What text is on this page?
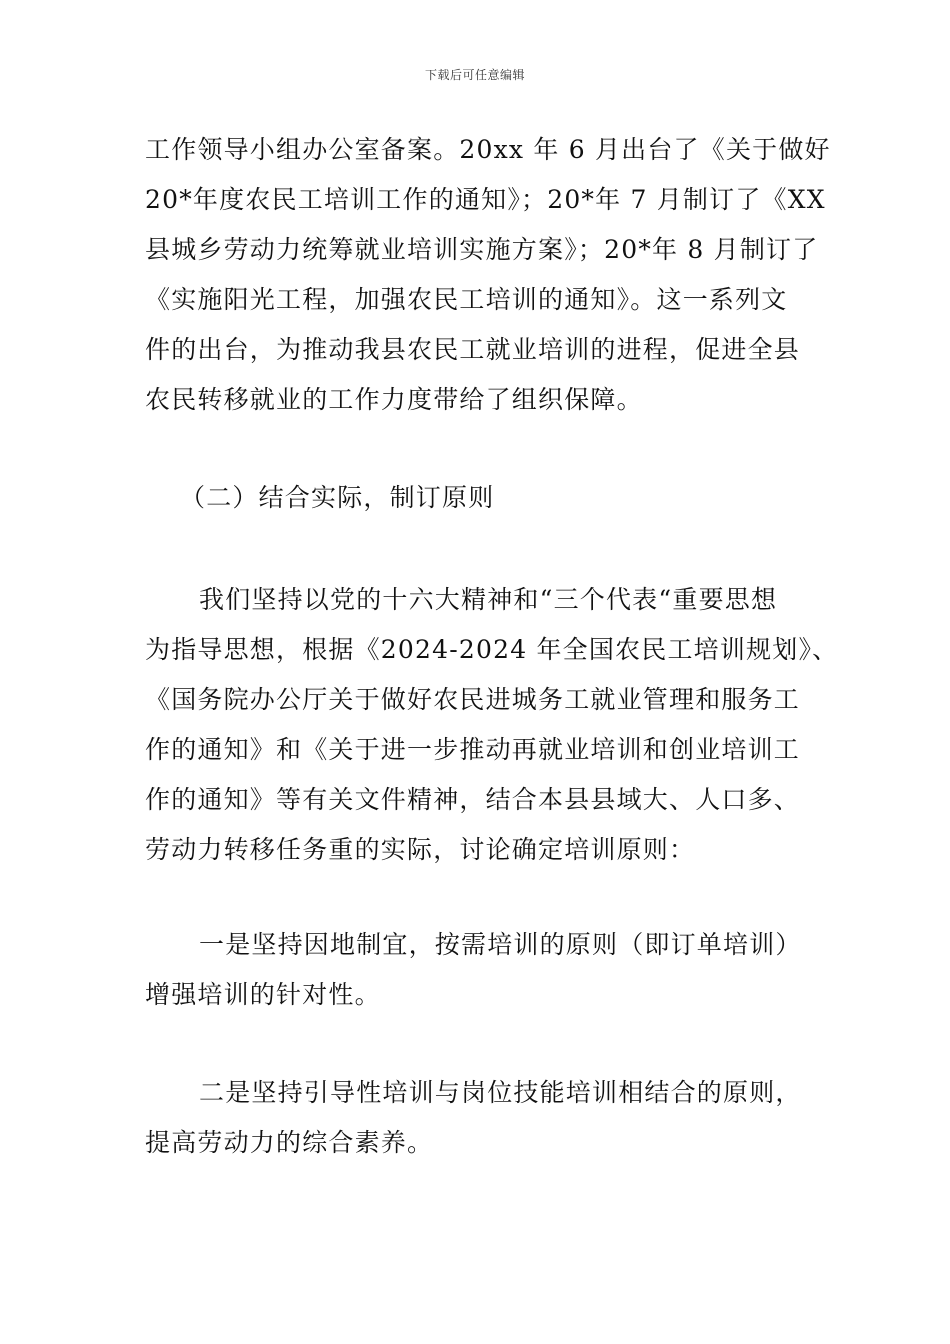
下载后可任意编辑

工作领导小组办公室备案。20xx 年 6 月出台了《关于做好
20*年度农民工培训工作的通知》；20*年 7 月制订了《XX
县城乡劳动力统筹就业培训实施方案》；20*年 8 月制订了
《实施阳光工程，加强农民工培训的通知》。这一系列文
件的出台，为推动我县农民工就业培训的进程，促进全县
农民转移就业的工作力度带给了组织保障。

（二）结合实际，制订原则

我们坚持以党的十六大精神和“三个代表“重要思想
为指导思想，根据《2024-2024 年全国农民工培训规划》、
《国务院办公厅关于做好农民进城务工就业管理和服务工
作的通知》和《关于进一步推动再就业培训和创业培训工
作的通知》等有关文件精神，结合本县县域大、人口多、
劳动力转移任务重的实际，讨论确定培训原则：

一是坚持因地制宜，按需培训的原则（即订单培训）
增强培训的针对性。

二是坚持引导性培训与岗位技能培训相结合的原则，
提高劳动力的综合素养。
